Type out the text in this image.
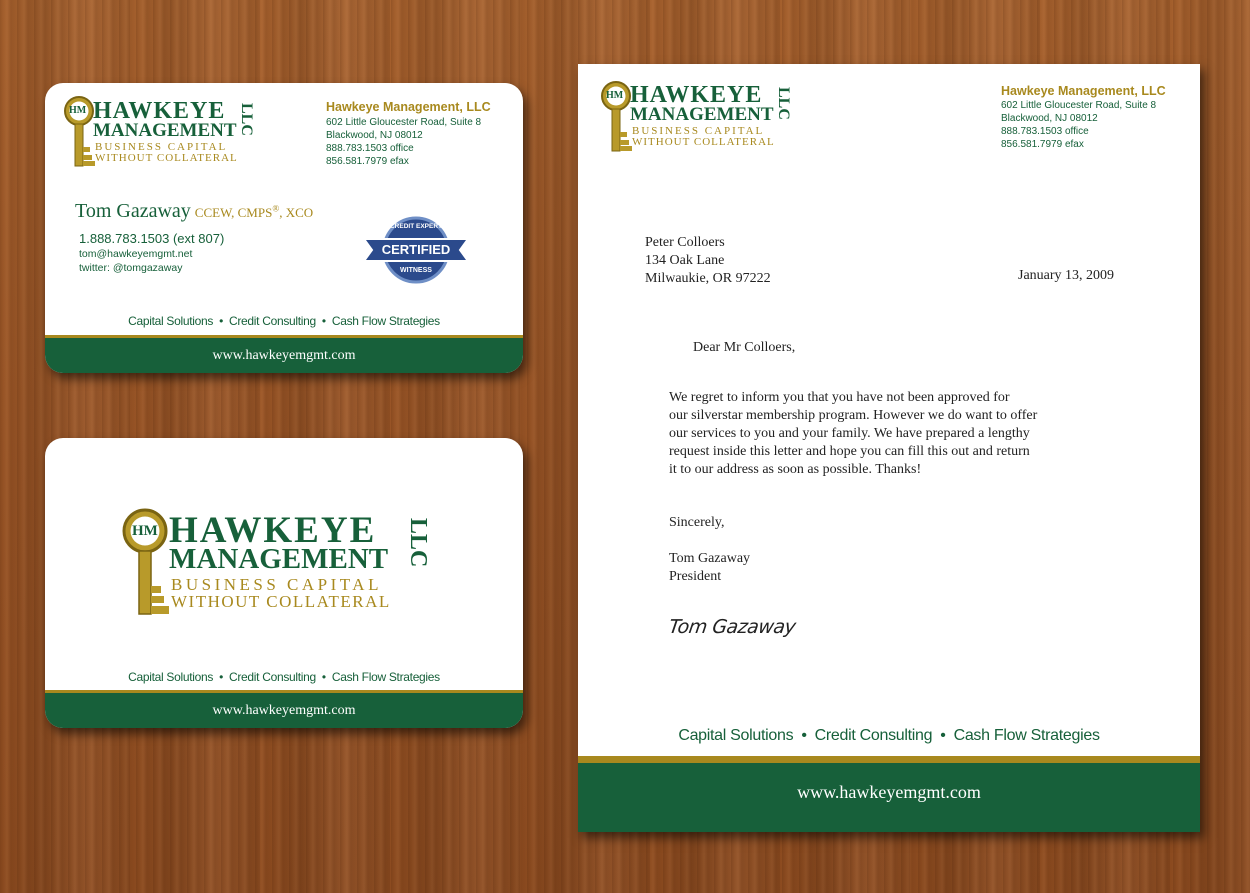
HM HAWKEYE
MANAGEMENT LLC
BUSINESS CAPITAL
WITHOUT COLLATERAL
Hawkeye Management, LLC
602 Little Gloucester Road, Suite 8
Blackwood, NJ 08012
888.783.1503 office
856.581.7979 efax
Tom Gazaway CCEW, CMPS®, XCO
1.888.783.1503 (ext 807)
tom@hawkeyemgmt.net
twitter: @tomgazaway
CREDIT EXPERT
CERTIFIED
WITNESS
Capital Solutions • Credit Consulting • Cash Flow Strategies
www.hawkeyemgmt.com
HM HAWKEYE
MANAGEMENT LLC
BUSINESS CAPITAL
WITHOUT COLLATERAL
Capital Solutions • Credit Consulting • Cash Flow Strategies
www.hawkeyemgmt.com
HM HAWKEYE
MANAGEMENT LLC
BUSINESS CAPITAL
WITHOUT COLLATERAL
Hawkeye Management, LLC
602 Little Gloucester Road, Suite 8
Blackwood, NJ 08012
888.783.1503 office
856.581.7979 efax
Peter Colloers
134 Oak Lane
Milwaukie, OR 97222	January 13, 2009
Dear Mr Colloers,
We regret to inform you that you have not been approved for
our silverstar membership program. However we do want to offer
our services to you and your family. We have prepared a lengthy
request inside this letter and hope you can fill this out and return
it to our address as soon as possible. Thanks!
Sincerely,
Tom Gazaway
President
Tom Gazaway
Capital Solutions • Credit Consulting • Cash Flow Strategies
www.hawkeyemgmt.com
